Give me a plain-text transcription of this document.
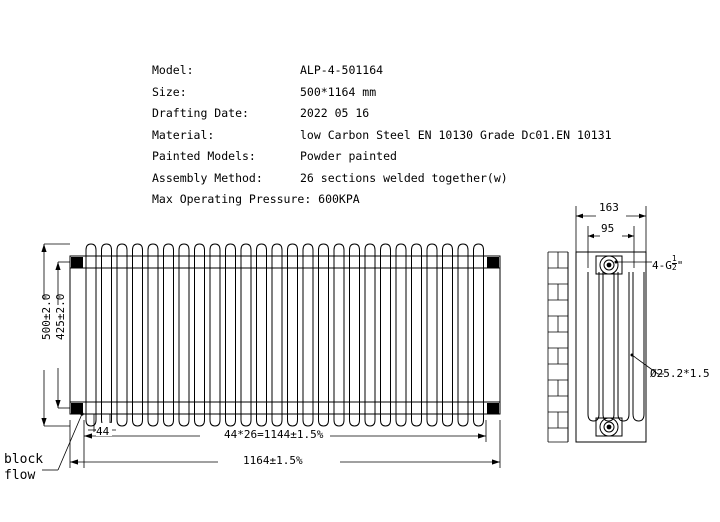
Model:	ALP-4-501164
Size:	500*1164 mm
Drafting Date:	2022 05 16
Material:	low Carbon Steel EN 10130 Grade Dc01.EN 10131
Painted Models:	Powder painted
Assembly Method:	26 sections welded together(w)
Max Operating Pressure: 600KPA
500±2.0 425±2.0
44	44*26=1144±1.5%
1164±1.5%
163
95
Ø25.2*1.5
$4-G \frac{1}{2}$ "
block
flow
